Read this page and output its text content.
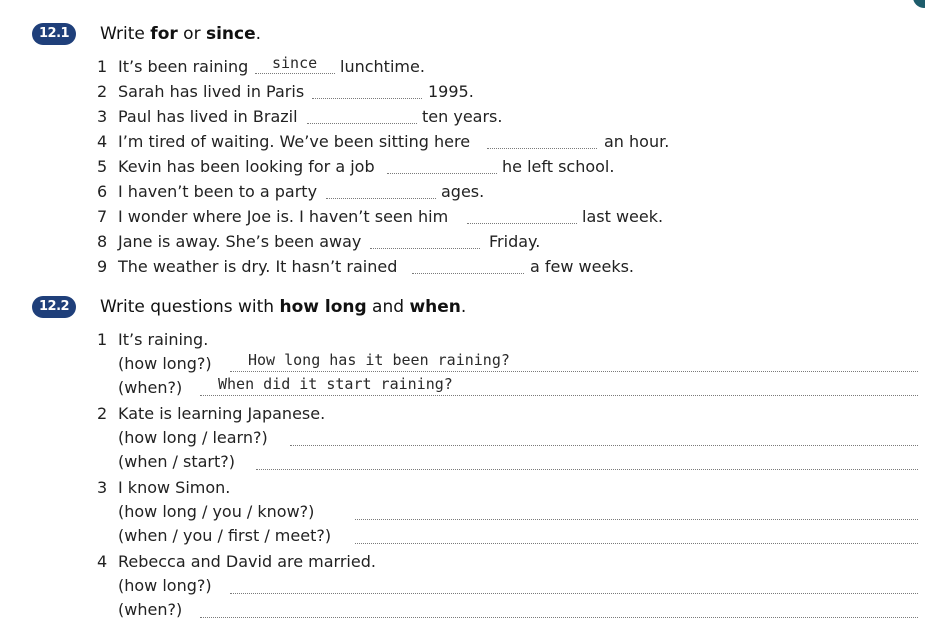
12.1	Write for or since.
1 It’s been raining since lunchtime.
2 Sarah has lived in Paris	1995.
3 Paul has lived in Brazil	ten years.
4 I’m tired of waiting. We’ve been sitting here	an hour.
5 Kevin has been looking for a job	he left school.
6 I haven’t been to a party	ages.
7 I wonder where Joe is. I haven’t seen him	last week.
8 Jane is away. She’s been away	Friday.
9 The weather is dry. It hasn’t rained	a few weeks.
12.2	Write questions with how long and when.
1 It’s raining.
(how long?) How long has it been raining?
(when?) When did it start raining?
2 Kate is learning Japanese.
(how long / learn?)
(when / start?)
3 I know Simon.
(how long / you / know?)
(when / you / first / meet?)
4 Rebecca and David are married.
(how long?)
(when?)
